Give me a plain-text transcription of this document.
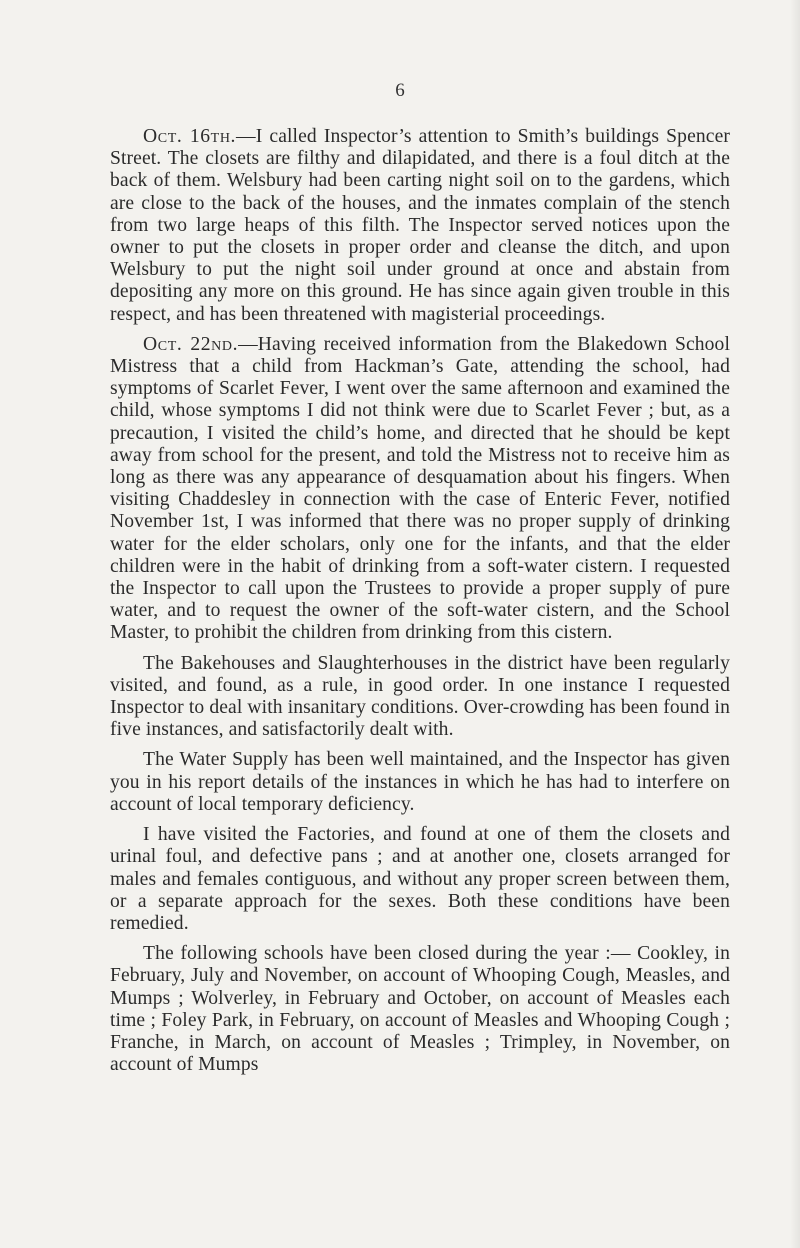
6

Oct. 16th.—I called Inspector’s attention to Smith’s buildings Spencer Street. The closets are filthy and dilapidated, and there is a foul ditch at the back of them. Welsbury had been carting night soil on to the gardens, which are close to the back of the houses, and the inmates complain of the stench from two large heaps of this filth. The Inspector served notices upon the owner to put the closets in proper order and cleanse the ditch, and upon Welsbury to put the night soil under ground at once and abstain from depositing any more on this ground. He has since again given trouble in this respect, and has been threatened with magisterial proceedings.

Oct. 22nd.—Having received information from the Blakedown School Mistress that a child from Hackman’s Gate, attending the school, had symptoms of Scarlet Fever, I went over the same afternoon and examined the child, whose symptoms I did not think were due to Scarlet Fever ; but, as a precaution, I visited the child’s home, and directed that he should be kept away from school for the present, and told the Mistress not to receive him as long as there was any appearance of desquamation about his fingers. When visiting Chaddesley in connection with the case of Enteric Fever, notified November 1st, I was informed that there was no proper supply of drinking water for the elder scholars, only one for the infants, and that the elder children were in the habit of drinking from a soft-water cistern. I requested the Inspector to call upon the Trustees to provide a proper supply of pure water, and to request the owner of the soft-water cistern, and the School Master, to prohibit the children from drinking from this cistern.

The Bakehouses and Slaughterhouses in the district have been regularly visited, and found, as a rule, in good order. In one instance I requested Inspector to deal with insanitary conditions. Over-crowding has been found in five instances, and satisfactorily dealt with.

The Water Supply has been well maintained, and the Inspector has given you in his report details of the instances in which he has had to interfere on account of local temporary deficiency.

I have visited the Factories, and found at one of them the closets and urinal foul, and defective pans ; and at another one, closets arranged for males and females contiguous, and without any proper screen between them, or a separate approach for the sexes. Both these conditions have been remedied.

The following schools have been closed during the year :— Cookley, in February, July and November, on account of Whooping Cough, Measles, and Mumps ; Wolverley, in February and October, on account of Measles each time ; Foley Park, in February, on account of Measles and Whooping Cough ; Franche, in March, on account of Measles ; Trimpley, in November, on account of Mumps
